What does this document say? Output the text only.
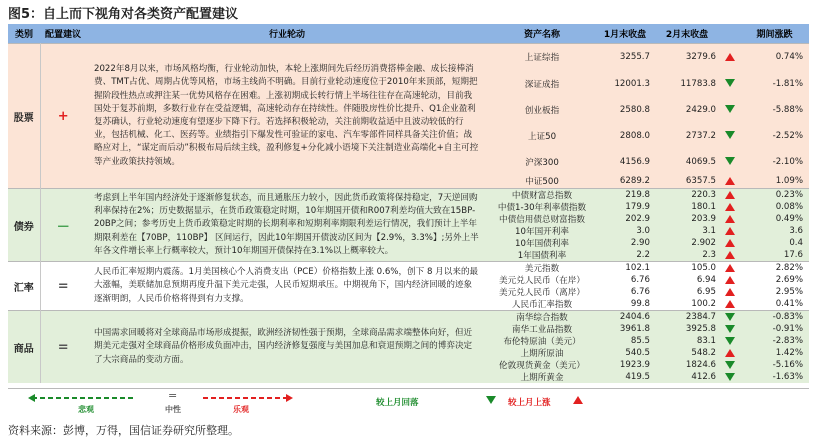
图5：自上而下视角对各类资产配置建议
类别	配置建议	行业轮动	资产名称	1月末收盘	2月末收盘		期间涨跌
股票	+	2022年8月以来，市场风格均衡，行业轮动加快，本轮上涨期间先后经历消费搭棒金融、成长接棒消费、TMT占优、周期占优等风格，市场主线尚不明确。目前行业轮动速度位于2010年来顶部，短期把握阶段性热点或押注某一优势风格存在困难。上涨初期成长转行情上半场往往存在高速轮动，目前我国处于复苏前期，多数行业存在受益逻辑，高速轮动存在持续性。伴随股房性价比提升、Q1企业盈利复苏确认，行业轮动速度有望逐步下降下行。若选择积极轮动，关注前期收益适中且波动较低的行业，包括机械、化工、医药等。业绩指引下爆发性可验证的家电、汽车零部件同样具备关注价值；战略应对上，“谋定而后动”积极布局后续主线，盈利修复+分化减小语境下关注制造业高端化+自主可控等产业政策扶持领域。	上证综指	3255.7	3279.6		0.74%
			深证成指	12001.3	11783.8		-1.81%
			创业板指	2580.8	2429.0		-5.88%
			上证50	2808.0	2737.2		-2.52%
			沪深300	4156.9	4069.5		-2.10%
			中证500	6289.2	6357.5		1.09%
债券	－	考虑到上半年国内经济处于逐渐修复状态，而且通胀压力较小，因此货币政策将保持稳定，7天逆回购利率保持在2%；历史数据显示，在货币政策稳定时期，10年期国开债和R007利差均值大致在15BP-20BP之间；参考历史上货币政策稳定时期的长期利率和短期利率期限利差运行情况，我们预计上半年期限利差在【70BP，110BP】 区间运行，因此10年期国开债波动区间为【2.9%，3.3%】;另外上半年各文件增长率上行概率较大，预计10年期国开债保持在3.1%以上概率较大。	中债财富总指数	219.8	220.3		0.23%
			中债1-30年利率债指数	179.9	180.1		0.08%
			中债信用债总财富指数	202.9	203.9		0.49%
			10年国开利率	3.0	3.1		3.6
			10年国债利率	2.90	2.902		0.4
			1年国债利率	2.2	2.3		17.6
汇率	=	人民币汇率短期内震荡。1月美国核心个人消费支出（PCE）价格指数上涨 0.6%，创下 8 月以来的最大涨幅，美联储加息预期再度升温下美元走强，人民币短期承压。中期视角下，国内经济回暖的迹象逐渐明朗，人民币价格将得到有力支撑。	美元指数	102.1	105.0		2.82%
			美元兑人民币（在岸）	6.76	6.94		2.69%
			美元兑人民币（离岸）	6.76	6.95		2.95%
			人民币汇率指数	99.8	100.2		0.41%
商品	=	中国需求回暖将对全球商品市场形成提振，欧洲经济韧性强于预期，全球商品需求端整体向好，但近期美元走强对全球商品价格形成负面冲击，国内经济修复强度与美国加息和衰退预期之间的博弈决定了大宗商品的变动方面。	南华综合指数	2404.6	2384.7		-0.83%
			南华工业品指数	3961.8	3925.8		-0.91%
			布伦特原油（美元）	85.5	83.1		-2.83%
			上期所原油	540.5	548.2		1.42%
			伦敦现货黄金（美元）	1923.9	1824.6		-5.16%
			上期所黄金	419.5	412.6		-1.63%
悲观
=
中性	乐观
较上月回落	较上月上涨
资料来源：彭博，万得，国信证券研究所整理。
